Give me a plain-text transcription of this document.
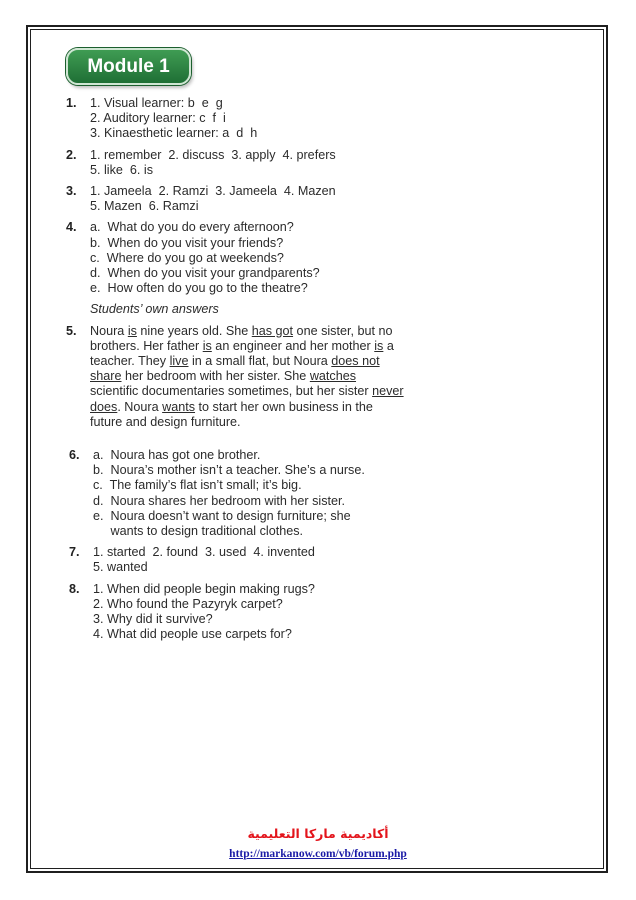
Module 1
1.	1. Visual learner: b  e  g
2. Auditory learner: c  f  i
3. Kinaesthetic learner: a  d  h
2.	1. remember  2. discuss  3. apply  4. prefers
5. like  6. is
3.	1. Jameela  2. Ramzi  3. Jameela  4. Mazen
5. Mazen  6. Ramzi
4.	a.  What do you do every afternoon?
b.  When do you visit your friends?
c.  Where do you go at weekends?
d.  When do you visit your grandparents?
e.  How often do you go to the theatre?
Students’ own answers
5.	Noura is nine years old. She has got one sister, but no brothers. Her father is an engineer and her mother is a teacher. They live in a small flat, but Noura does not share her bedroom with her sister. She watches scientific documentaries sometimes, but her sister never does. Noura wants to start her own business in the future and design furniture.
6.	a.  Noura has got one brother.
b.  Noura’s mother isn’t a teacher. She’s a nurse.
c.  The family’s flat isn’t small; it’s big.
d.  Noura shares her bedroom with her sister.
e.  Noura doesn’t want to design furniture; she
wants to design traditional clothes.
7.	1. started  2. found  3. used  4. invented
5. wanted
8.	1. When did people begin making rugs?
2. Who found the Pazyryk carpet?
3. Why did it survive?
4. What did people use carpets for?
أكاديمية ماركا التعليمية
http://markanow.com/vb/forum.php
